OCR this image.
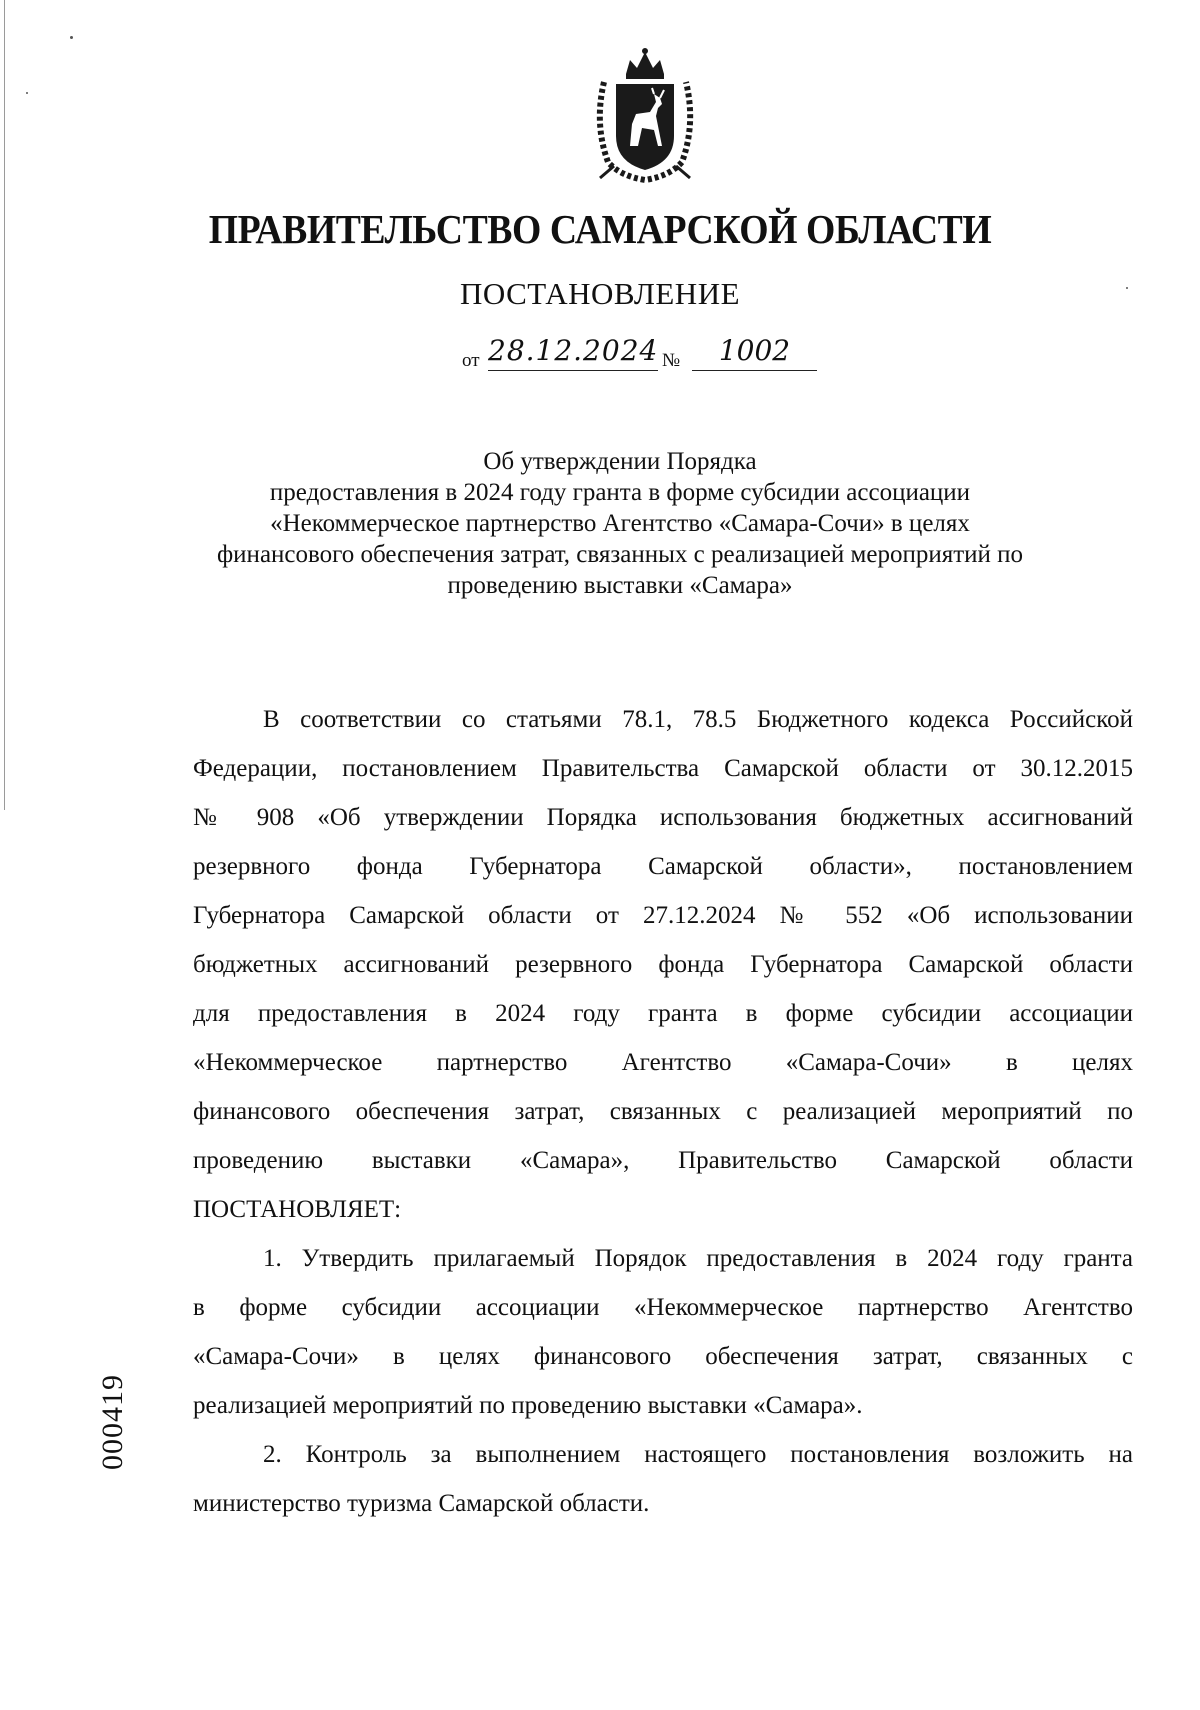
ПРАВИТЕЛЬСТВО САМАРСКОЙ ОБЛАСТИ
ПОСТАНОВЛЕНИЕ
от 28.12.2024 №	1002
Об утверждении Порядка
предоставления в 2024 году гранта в форме субсидии ассоциации
«Некоммерческое партнерство Агентство «Самара-Сочи» в целях
финансового обеспечения затрат, связанных с реализацией мероприятий по
проведению выставки «Самара»
В соответствии со статьями 78.1, 78.5 Бюджетного кодекса Российской
Федерации, постановлением Правительства Самарской области от 30.12.2015
№ 908 «Об утверждении Порядка использования бюджетных ассигнований
резервного фонда Губернатора Самарской области», постановлением
Губернатора Самарской области от 27.12.2024 № 552 «Об использовании
бюджетных ассигнований резервного фонда Губернатора Самарской области
для предоставления в 2024 году гранта в форме субсидии ассоциации
«Некоммерческое партнерство Агентство «Самара-Сочи» в целях
финансового обеспечения затрат, связанных с реализацией мероприятий по
проведению выставки «Самара», Правительство Самарской области
ПОСТАНОВЛЯЕТ:
1. Утвердить прилагаемый Порядок предоставления в 2024 году гранта
в форме субсидии ассоциации «Некоммерческое партнерство Агентство
«Самара-Сочи» в целях финансового обеспечения затрат, связанных с
реализацией мероприятий по проведению выставки «Самара».
2. Контроль за выполнением настоящего постановления возложить на
министерство туризма Самарской области.
000419
